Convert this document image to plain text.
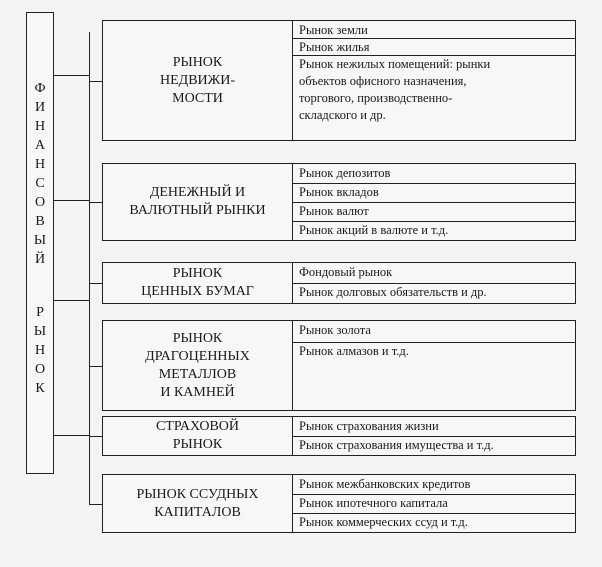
Ф
И
Н
А
Н
С
О
В
Ы
Й
Р
Ы
Н
О
К
РЫНОК
НЕДВИЖИ-
МОСТИ
Рынок земли
Рынок жилья
Рынок нежилых помещений: рынки
объектов офисного назначения,
торгового, производственно-
складского и др.
ДЕНЕЖНЫЙ И
ВАЛЮТНЫЙ РЫНКИ
Рынок депозитов
Рынок вкладов
Рынок валют
Рынок акций в валюте и т.д.
РЫНОК
ЦЕННЫХ БУМАГ
Фондовый рынок
Рынок долговых обязательств и др.
РЫНОК
ДРАГОЦЕННЫХ
МЕТАЛЛОВ
И КАМНЕЙ
Рынок золота
Рынок алмазов и т.д.
СТРАХОВОЙ
РЫНОК
Рынок страхования жизни
Рынок страхования имущества и т.д.
РЫНОК ССУДНЫХ
КАПИТАЛОВ
Рынок межбанковских кредитов
Рынок ипотечного капитала
Рынок коммерческих ссуд и т.д.
